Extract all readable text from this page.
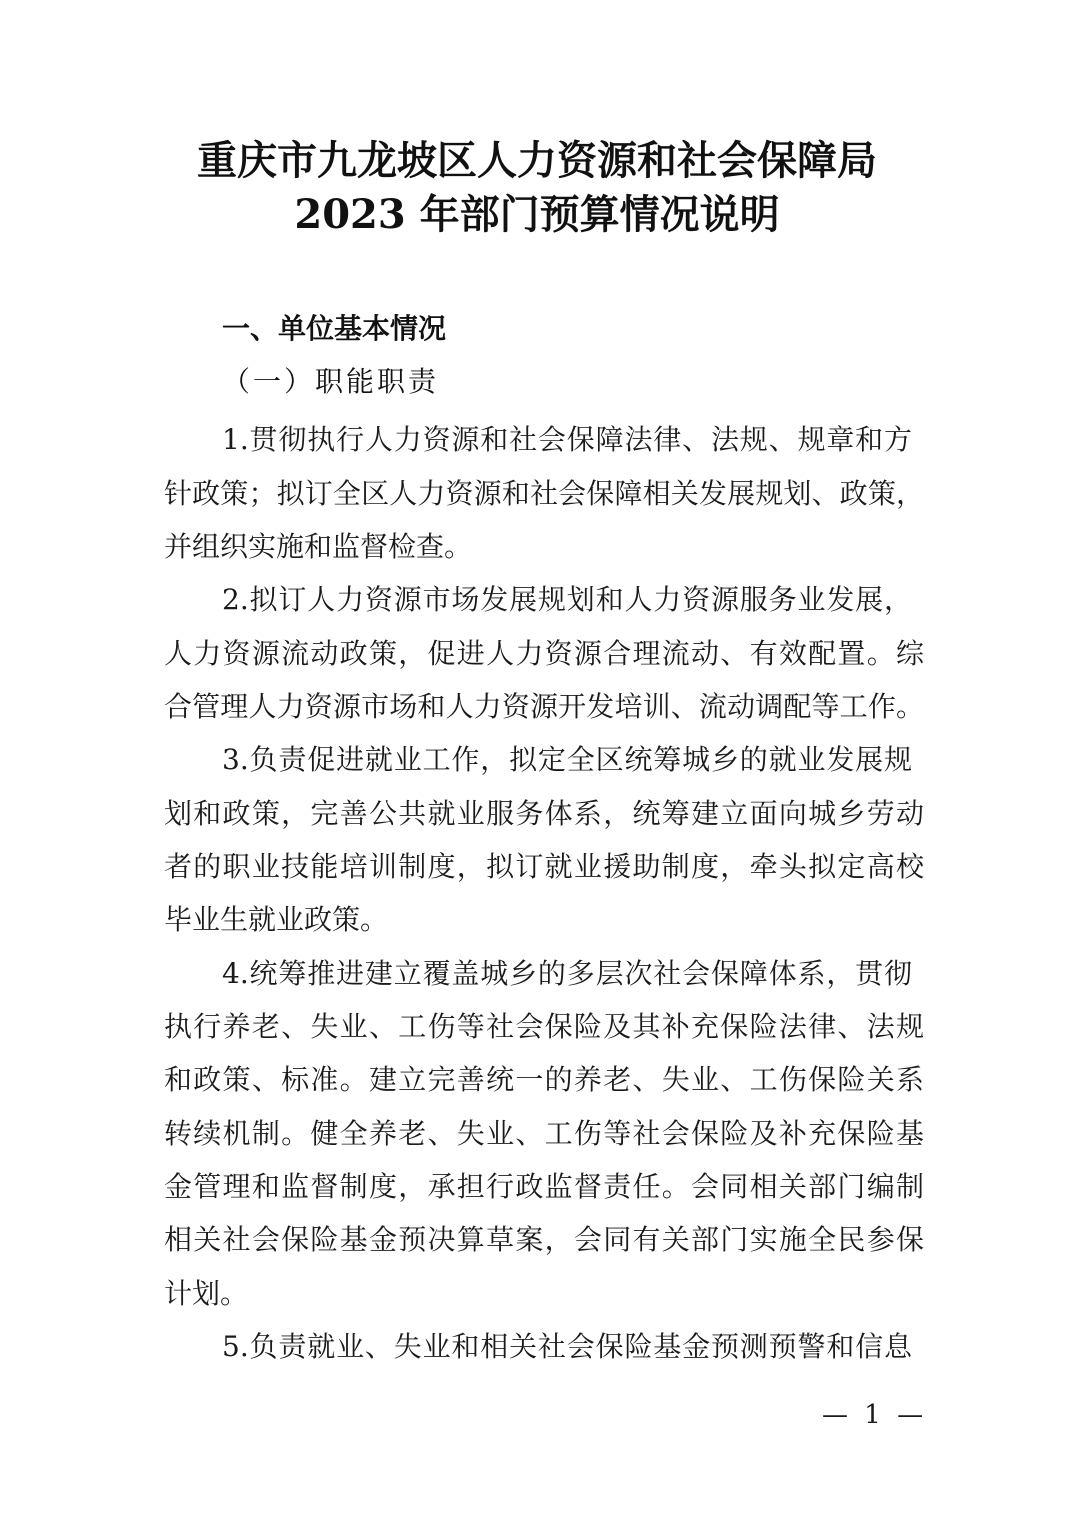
重庆市九龙坡区人力资源和社会保障局
2023 年部门预算情况说明
一、单位基本情况
（一）职能职责
1.贯彻执行人力资源和社会保障法律、法规、规章和方
针政策；拟订全区人力资源和社会保障相关发展规划、政策，
并组织实施和监督检查。
2.拟订人力资源市场发展规划和人力资源服务业发展，
人力资源流动政策，促进人力资源合理流动、有效配置。综
合管理人力资源市场和人力资源开发培训、流动调配等工作。
3.负责促进就业工作，拟定全区统筹城乡的就业发展规
划和政策，完善公共就业服务体系，统筹建立面向城乡劳动
者的职业技能培训制度，拟订就业援助制度，牵头拟定高校
毕业生就业政策。
4.统筹推进建立覆盖城乡的多层次社会保障体系，贯彻
执行养老、失业、工伤等社会保险及其补充保险法律、法规
和政策、标准。建立完善统一的养老、失业、工伤保险关系
转续机制。健全养老、失业、工伤等社会保险及补充保险基
金管理和监督制度，承担行政监督责任。会同相关部门编制
相关社会保险基金预决算草案，会同有关部门实施全民参保
计划。
5.负责就业、失业和相关社会保险基金预测预警和信息
— 1 —
